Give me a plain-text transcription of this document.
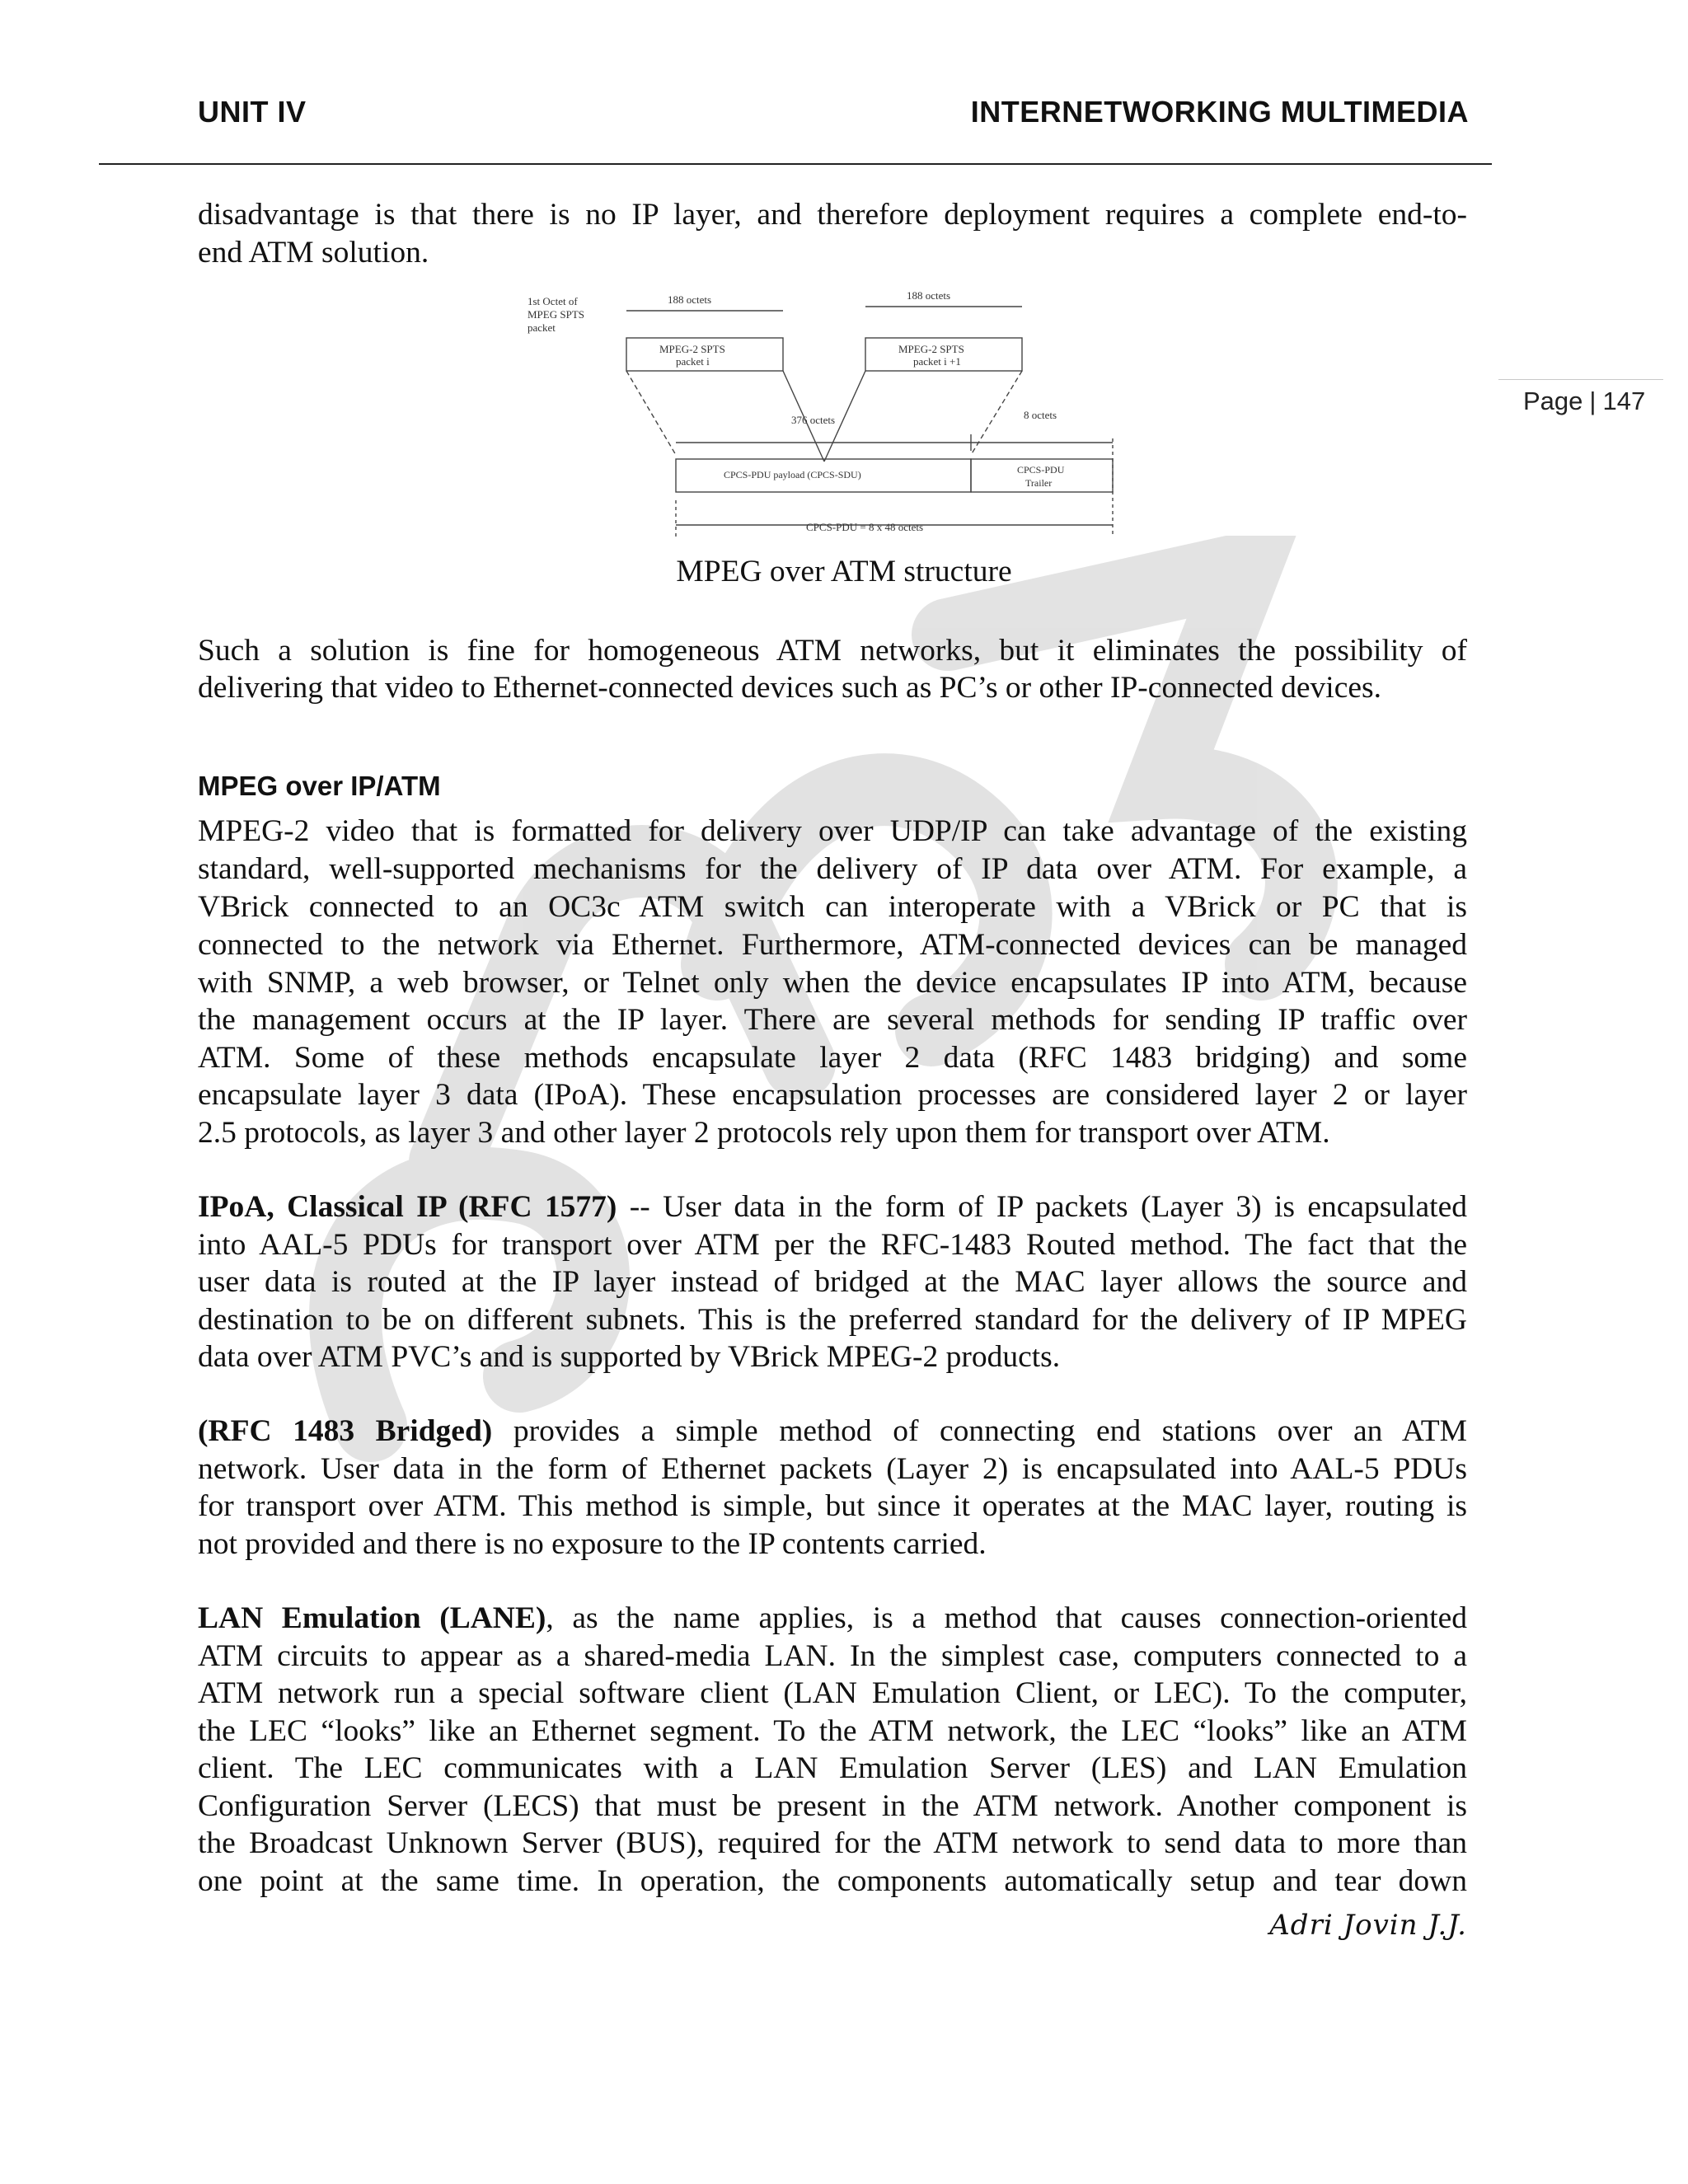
UNIT IV	INTERNETWORKING MULTIMEDIA
Page | 147
disadvantage is that there is no IP layer, and therefore deployment requires a complete end-to-
end ATM solution.
1st Octet of
MPEG SPTS
packet
188 octets	188 octets
MPEG-2 SPTS
packet i
MPEG-2 SPTS
packet i +1
376 octets	8 octets
CPCS-PDU payload (CPCS-SDU)	CPCS-PDU
Trailer
CPCS-PDU = 8 x 48 octets
MPEG over ATM structure
Such a solution is fine for homogeneous ATM networks, but it eliminates the possibility of
delivering that video to Ethernet-connected devices such as PC’s or other IP-connected devices.
MPEG over IP/ATM
MPEG-2 video that is formatted for delivery over UDP/IP can take advantage of the existing
standard, well-supported mechanisms for the delivery of IP data over ATM. For example, a
VBrick connected to an OC3c ATM switch can interoperate with a VBrick or PC that is
connected to the network via Ethernet. Furthermore, ATM-connected devices can be managed
with SNMP, a web browser, or Telnet only when the device encapsulates IP into ATM, because
the management occurs at the IP layer. There are several methods for sending IP traffic over
ATM. Some of these methods encapsulate layer 2 data (RFC 1483 bridging) and some
encapsulate layer 3 data (IPoA). These encapsulation processes are considered layer 2 or layer
2.5 protocols, as layer 3 and other layer 2 protocols rely upon them for transport over ATM.
IPoA, Classical IP (RFC 1577) -- User data in the form of IP packets (Layer 3) is encapsulated
into AAL-5 PDUs for transport over ATM per the RFC-1483 Routed method. The fact that the
user data is routed at the IP layer instead of bridged at the MAC layer allows the source and
destination to be on different subnets. This is the preferred standard for the delivery of IP MPEG
data over ATM PVC’s and is supported by VBrick MPEG-2 products.
(RFC 1483 Bridged) provides a simple method of connecting end stations over an ATM
network. User data in the form of Ethernet packets (Layer 2) is encapsulated into AAL-5 PDUs
for transport over ATM. This method is simple, but since it operates at the MAC layer, routing is
not provided and there is no exposure to the IP contents carried.
LAN Emulation (LANE), as the name applies, is a method that causes connection-oriented
ATM circuits to appear as a shared-media LAN. In the simplest case, computers connected to a
ATM network run a special software client (LAN Emulation Client, or LEC). To the computer,
the LEC “looks” like an Ethernet segment. To the ATM network, the LEC “looks” like an ATM
client. The LEC communicates with a LAN Emulation Server (LES) and LAN Emulation
Configuration Server (LECS) that must be present in the ATM network. Another component is
the Broadcast Unknown Server (BUS), required for the ATM network to send data to more than
one point at the same time. In operation, the components automatically setup and tear down
Adri Jovin J.J.
